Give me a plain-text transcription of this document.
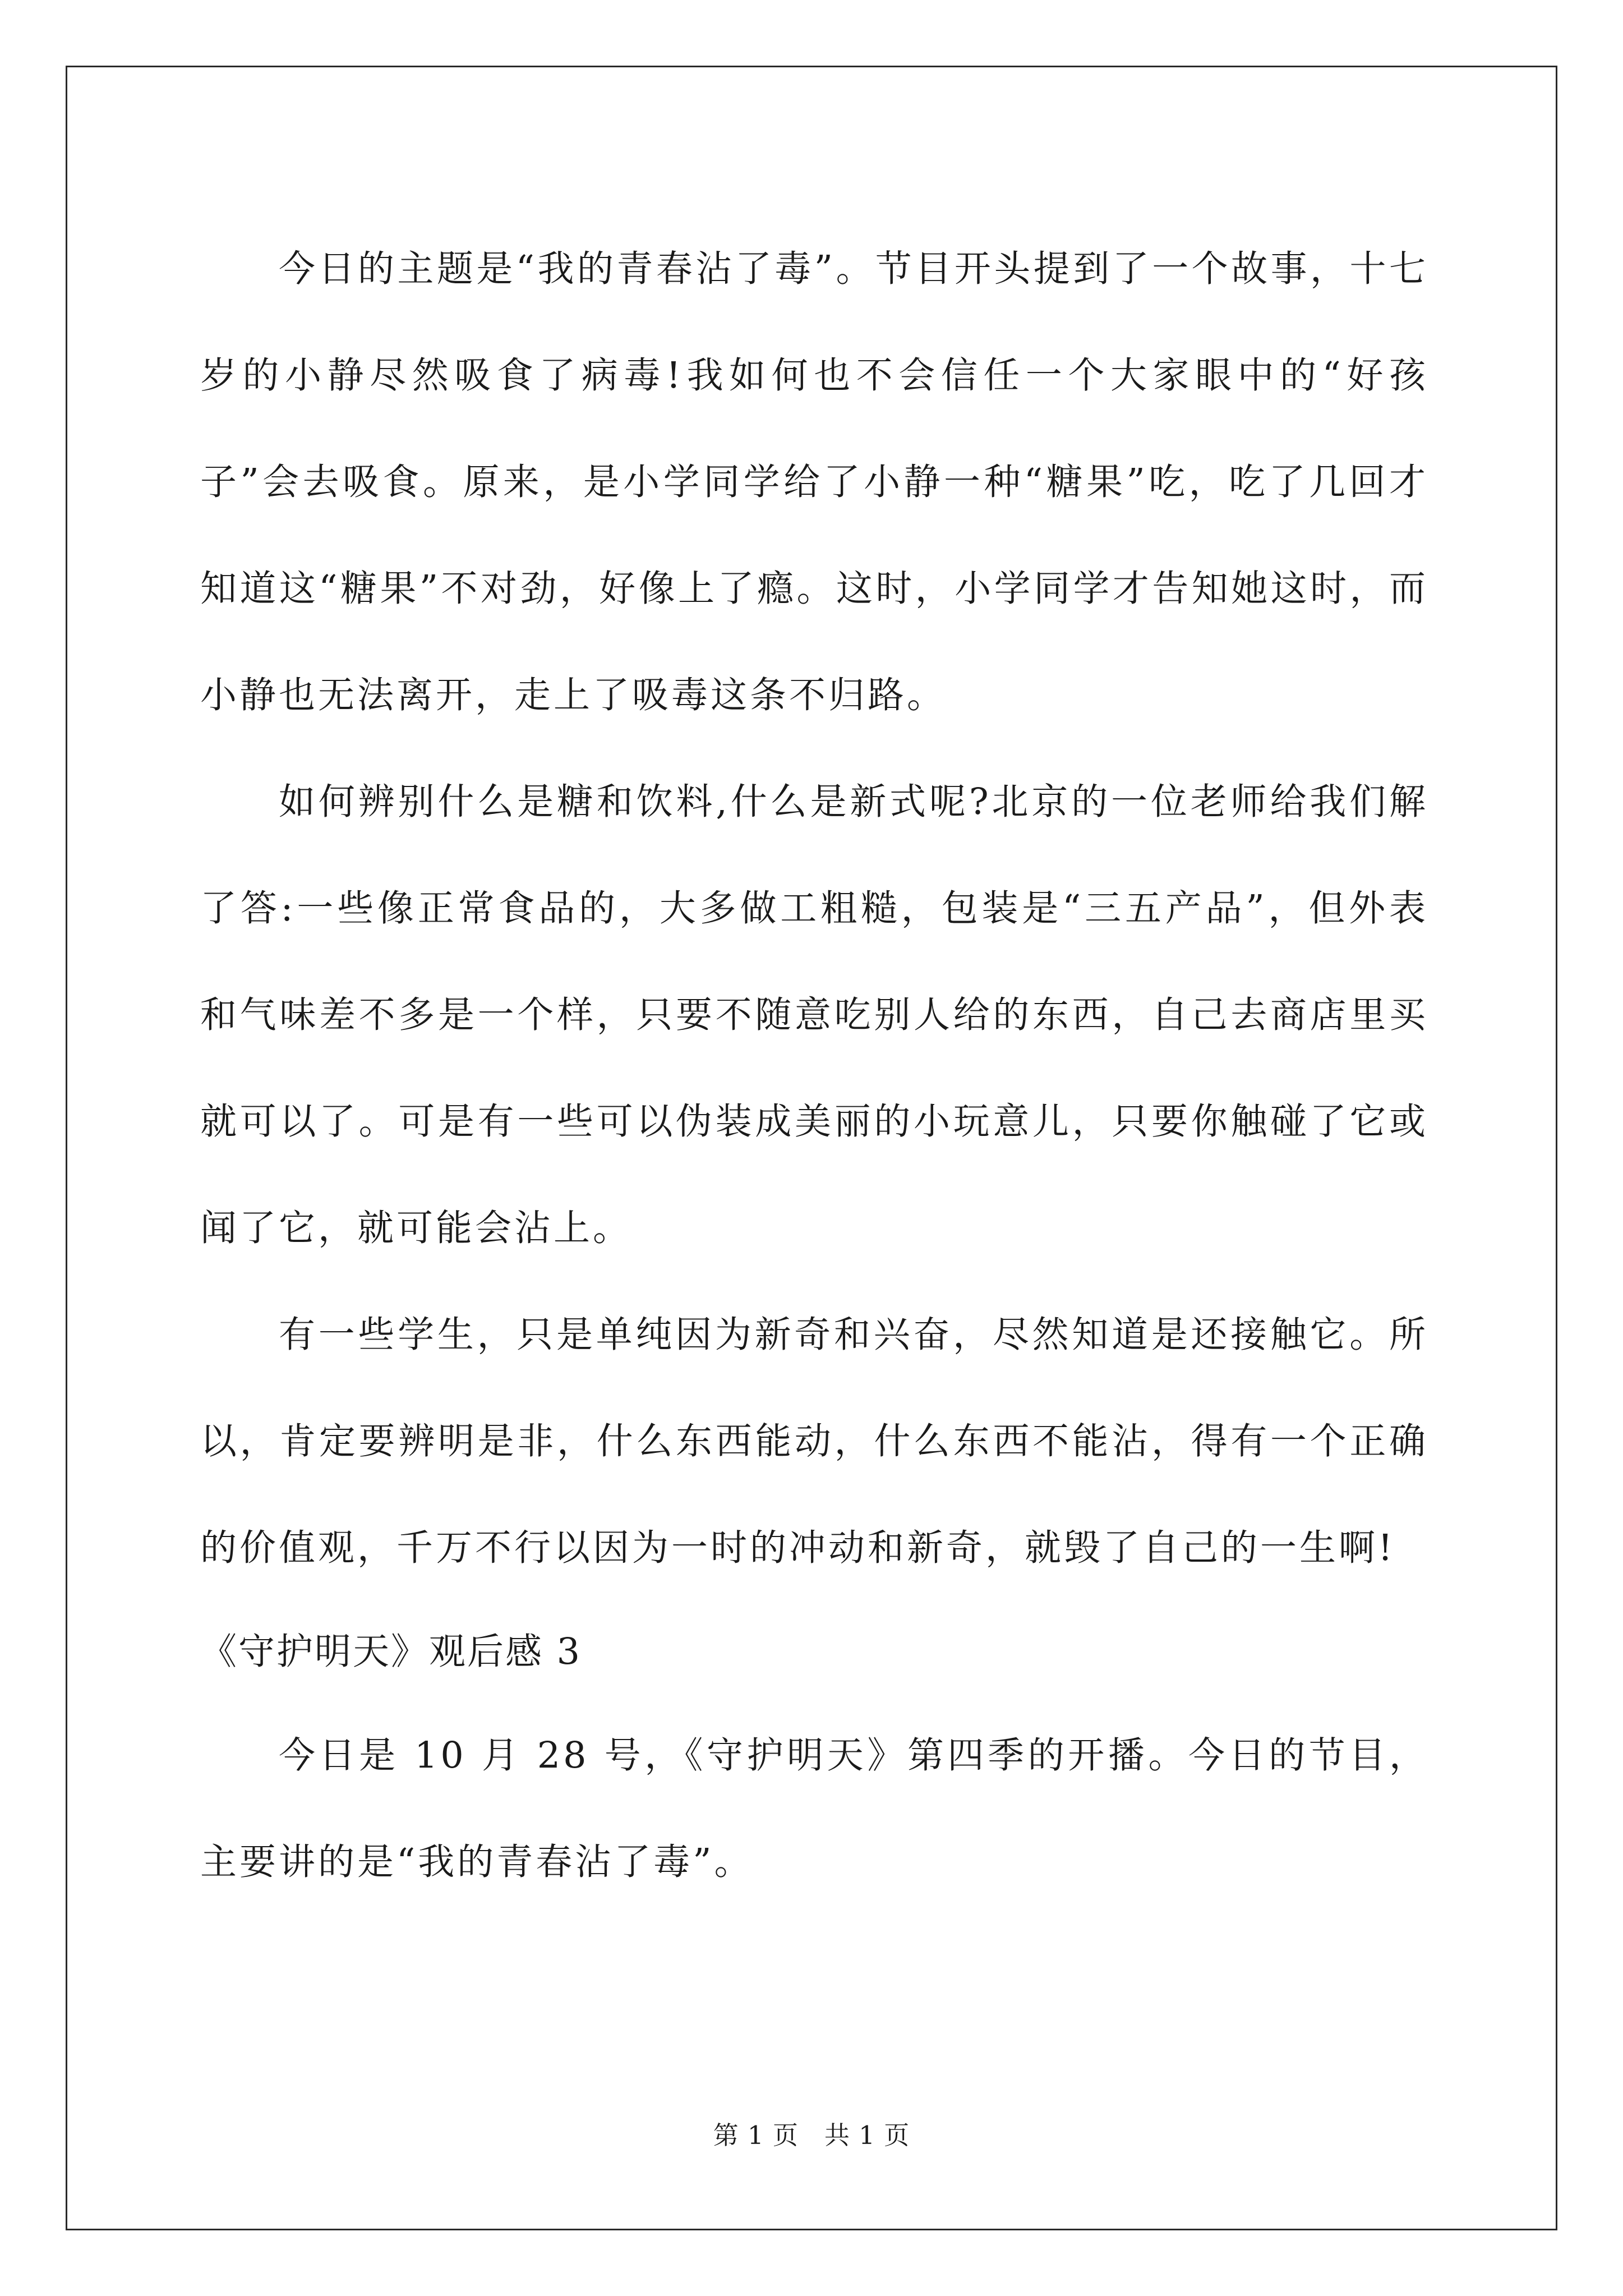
今日的主题是“我的青春沾了毒”。节目开头提到了一个故事，十七岁的小静尽然吸食了病毒!我如何也不会信任一个大家眼中的“好孩子”会去吸食。原来，是小学同学给了小静一种“糖果”吃，吃了几回才知道这“糖果”不对劲，好像上了瘾。这时，小学同学才告知她这时，而小静也无法离开，走上了吸毒这条不归路。

如何辨别什么是糖和饮料,什么是新式呢?北京的一位老师给我们解了答:一些像正常食品的，大多做工粗糙，包装是“三五产品”，但外表和气味差不多是一个样，只要不随意吃别人给的东西，自己去商店里买就可以了。可是有一些可以伪装成美丽的小玩意儿，只要你触碰了它或闻了它，就可能会沾上。

有一些学生，只是单纯因为新奇和兴奋，尽然知道是还接触它。所以，肯定要辨明是非，什么东西能动，什么东西不能沾，得有一个正确的价值观，千万不行以因为一时的冲动和新奇，就毁了自己的一生啊!

《守护明天》观后感 3

今日是 10 月 28 号，《守护明天》第四季的开播。今日的节目，主要讲的是“我的青春沾了毒”。

第 1 页　共 1 页
